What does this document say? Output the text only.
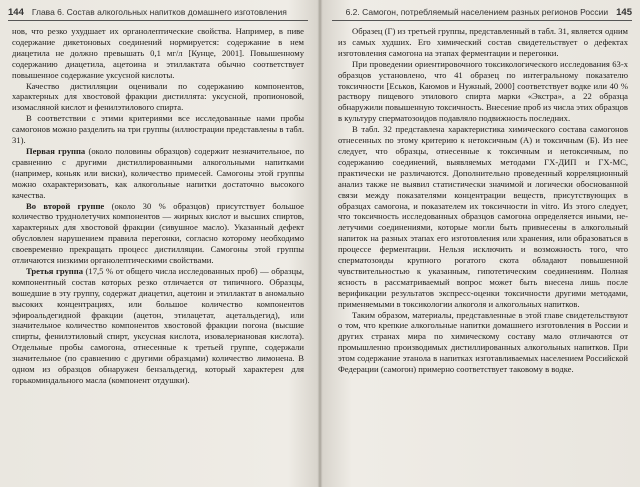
144 Глава 6. Состав алкогольных напитков домашнего изготовления

нов, что резко ухудшает их органолептические свойства. Например, в пиве содержание дикетоновых соединений нормируется: содержание в нем диацетила не должно превышать 0,1 мг/л [Кунце, 2001]. Повышенному содержанию диацетила, ацетоина и этиллактата обычно соответствует повышенное содержание уксусной кислоты.

Качество дистилляции оценивали по содержанию компонентов, характерных для хвостовой фракции дистиллята: уксусной, пропионовой, изомасляной кислот и фенилэтилового спирта.

В соответствии с этими критериями все исследованные нами пробы самогонов можно разделить на три группы (иллюстрации представлены в табл. 31).

Первая группа (около половины образцов) содержит незначительное, по сравнению с другими дистиллированными алкогольными напитками (например, коньяк или виски), количество примесей. Самогоны этой группы можно охарактеризовать, как алкогольные напитки достаточно высокого качества.

Во второй группе (около 30 % образцов) присутствует большое количество труднолетучих компонентов — жирных кислот и высших спиртов, характерных для хвостовой фракции (сивушное масло). Указанный дефект обусловлен нарушением правила перегонки, согласно которому необходимо своевременно прекращать процесс дистилляции. Самогоны этой группы отличаются низкими органолептическими свойствами.

Третья группа (17,5 % от общего числа исследованных проб) — образцы, компонентный состав которых резко отличается от типичного. Образцы, вошедшие в эту группу, содержат диацетил, ацетоин и этиллактат в аномально высоких концентрациях, или большое количество компонентов эфироальдегидной фракции (ацетон, этилацетат, ацетальдегид), или значительное количество компонентов хвостовой фракции погона (высшие спирты, фенилэтиловый спирт, уксусная кислота, изовалериановая кислота). Отдельные пробы самогона, отнесенные к третьей группе, содержали значительное (по сравнению с другими образцами) количество лимонена. В одном из образцов обнаружен бензальдегид, который характерен для горькоминдального масла (компонент отдушки).

6.2. Самогон, потребляемый населением разных регионов России 145

Образец (Г) из третьей группы, представленный в табл. 31, является одним из самых худших. Его химический состав свидетельствует о дефектах изготовления самогона на этапах ферментации и перегонки.

При проведении ориентировочного токсикологического исследования 63-х образцов установлено, что 41 образец по интегральному показателю токсичности [Еськов, Каюмов и Нужный, 2000] соответствует водке или 40 % раствору пищевого этилового спирта марки «Экстра», а 22 образца обнаружили повышенную токсичность. Внесение проб из числа этих образцов в культуру сперматозоидов подавляло подвижность последних.

В табл. 32 представлена характеристика химического состава самогонов отнесенных по этому критерию к нетоксичным (А) и токсичным (Б). Из нее следует, что образцы, отнесенные к токсичным и нетоксичным, по содержанию соединений, выявляемых методами ГХ-ДИП и ГХ-МС, практически не различаются. Дополнительно проведенный корреляционный анализ также не выявил статистически значимой и логически обоснованной связи между показателями концентрации веществ, присутствующих в образцах самогона, и показателем их токсичности in vitro. Из этого следует, что токсичность исследованных образцов самогона определяется иными, нелетучими соединениями, которые могли быть привнесены в алкогольный напиток на разных этапах его изготовления или хранения, или образоваться в процессе ферментации. Нельзя исключить и возможность того, что сперматозоиды крупного рогатого скота обладают повышенной чувствительностью к указанным, гипотетическим соединениям. Полная ясность в рассматриваемый вопрос может быть внесена лишь после верификации результатов экспресс-оценки токсичности другими методами, применяемыми в токсикологии алкоголя и алкогольных напитков.

Таким образом, материалы, представленные в этой главе свидетельствуют о том, что крепкие алкогольные напитки домашнего изготовления в России и других странах мира по химическому составу мало отличаются от промышленно производимых дистиллированных алкогольных напитков. При этом содержание этанола в напитках изготавливаемых населением Российской Федерации (самогон) примерно соответствует таковому в водке.
